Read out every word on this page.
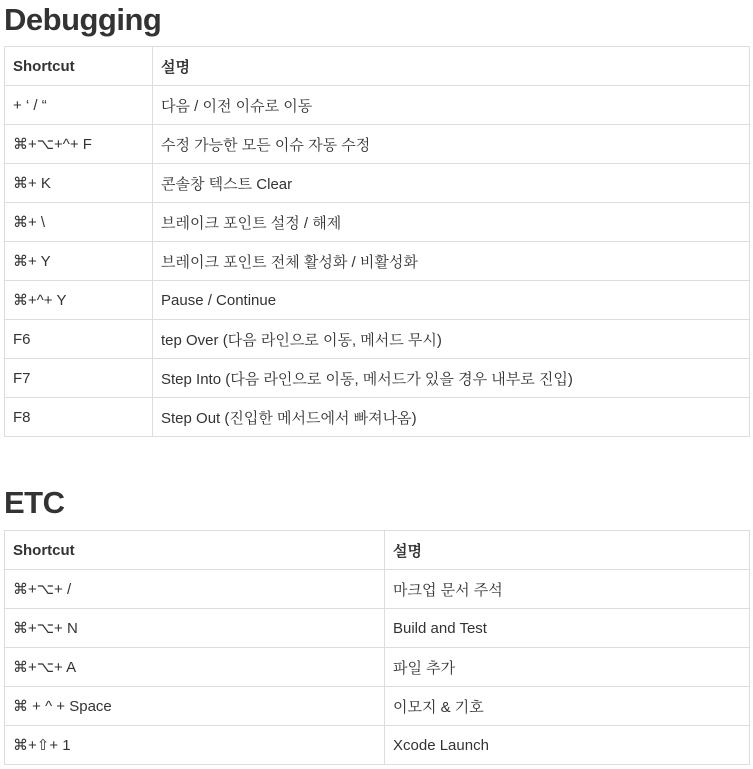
Debugging
Shortcut	설명
+ ‘ / “	다음 / 이전 이슈로 이동
⌘+⌥+^+ F	수정 가능한 모든 이슈 자동 수정
⌘+ K	콘솔창 텍스트 Clear
⌘+ \	브레이크 포인트 설정 / 해제
⌘+ Y	브레이크 포인트 전체 활성화 / 비활성화
⌘+^+ Y	Pause / Continue
F6	tep Over (다음 라인으로 이동, 메서드 무시)
F7	Step Into (다음 라인으로 이동, 메서드가 있을 경우 내부로 진입)
F8	Step Out (진입한 메서드에서 빠져나옴)
ETC
Shortcut	설명
⌘+⌥+ /	마크업 문서 주석
⌘+⌥+ N	Build and Test
⌘+⌥+ A	파일 추가
⌘ + ^ + Space	이모지 & 기호
⌘+⇧+ 1	Xcode Launch
